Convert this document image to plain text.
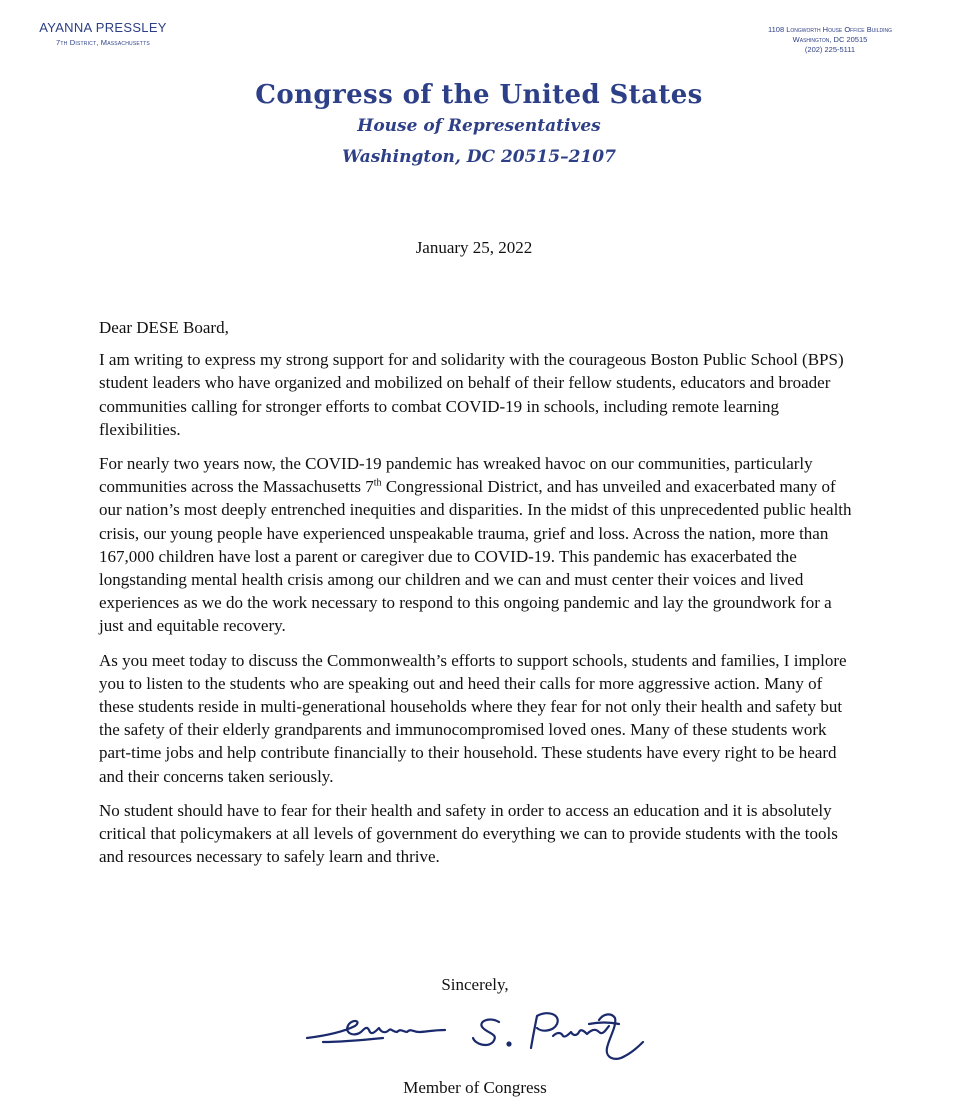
AYANNA PRESSLEY
7th District, Massachusetts
1108 Longworth House Office Building
Washington, DC 20515
(202) 225-5111
Congress of the United States
House of Representatives
Washington, DC 20515–2107
January 25, 2022

Dear DESE Board,

I am writing to express my strong support for and solidarity with the courageous Boston Public School (BPS) student leaders who have organized and mobilized on behalf of their fellow students, educators and broader communities calling for stronger efforts to combat COVID-19 in schools, including remote learning flexibilities.

For nearly two years now, the COVID-19 pandemic has wreaked havoc on our communities, particularly communities across the Massachusetts 7th Congressional District, and has unveiled and exacerbated many of our nation’s most deeply entrenched inequities and disparities. In the midst of this unprecedented public health crisis, our young people have experienced unspeakable trauma, grief and loss. Across the nation, more than 167,000 children have lost a parent or caregiver due to COVID-19. This pandemic has exacerbated the longstanding mental health crisis among our children and we can and must center their voices and lived experiences as we do the work necessary to respond to this ongoing pandemic and lay the groundwork for a just and equitable recovery.

As you meet today to discuss the Commonwealth’s efforts to support schools, students and families, I implore you to listen to the students who are speaking out and heed their calls for more aggressive action. Many of these students reside in multi-generational households where they fear for not only their health and safety but the safety of their elderly grandparents and immunocompromised loved ones. Many of these students work part-time jobs and help contribute financially to their household. These students have every right to be heard and their concerns taken seriously.

No student should have to fear for their health and safety in order to access an education and it is absolutely critical that policymakers at all levels of government do everything we can to provide students with the tools and resources necessary to safely learn and thrive.

Sincerely,
Member of Congress
